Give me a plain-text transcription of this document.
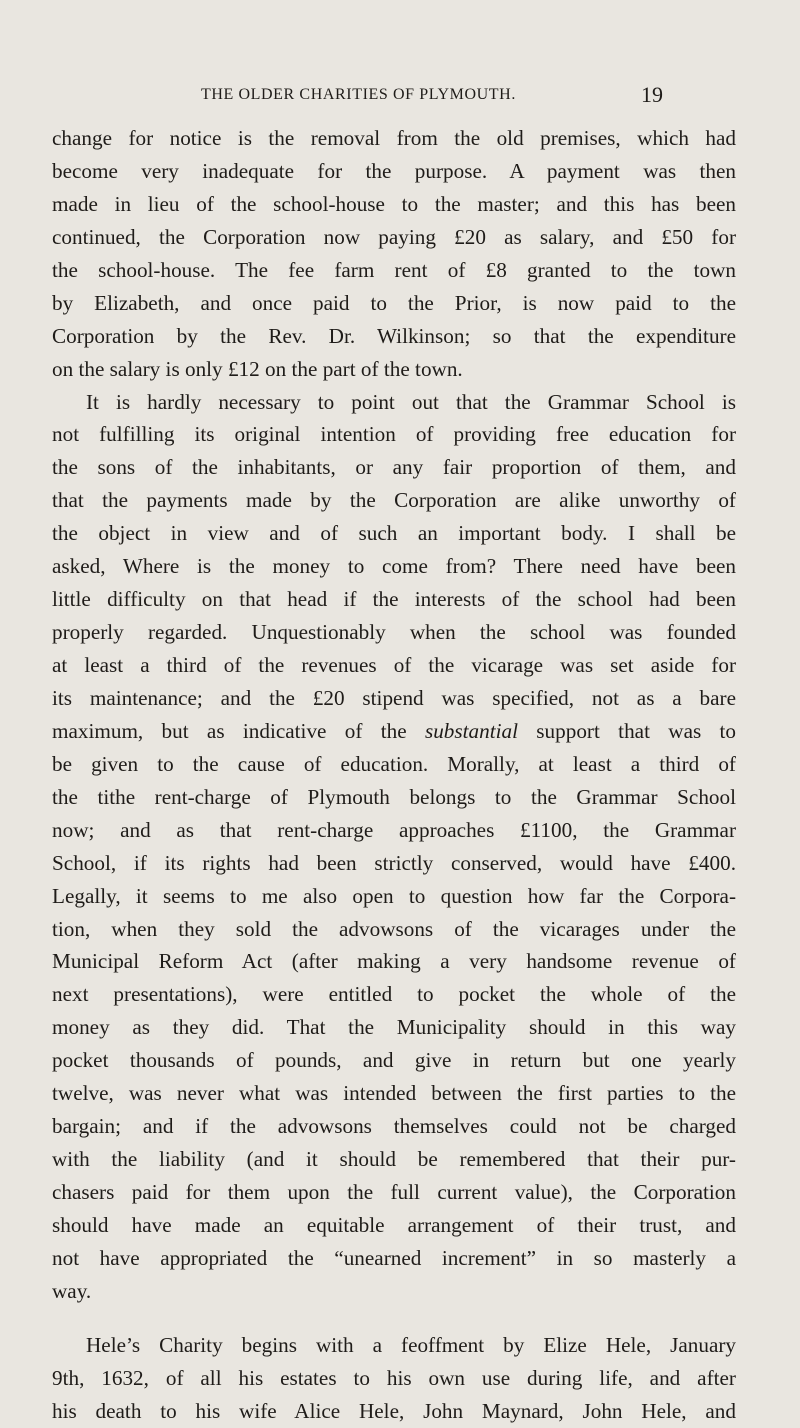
THE OLDER CHARITIES OF PLYMOUTH.	19
change for notice is the removal from the old premises, which had
become very inadequate for the purpose. A payment was then
made in lieu of the school-house to the master; and this has been
continued, the Corporation now paying £20 as salary, and £50 for
the school-house. The fee farm rent of £8 granted to the town
by Elizabeth, and once paid to the Prior, is now paid to the
Corporation by the Rev. Dr. Wilkinson; so that the expenditure
on the salary is only £12 on the part of the town.
It is hardly necessary to point out that the Grammar School is
not fulfilling its original intention of providing free education for
the sons of the inhabitants, or any fair proportion of them, and
that the payments made by the Corporation are alike unworthy of
the object in view and of such an important body. I shall be
asked, Where is the money to come from? There need have been
little difficulty on that head if the interests of the school had been
properly regarded. Unquestionably when the school was founded
at least a third of the revenues of the vicarage was set aside for
its maintenance; and the £20 stipend was specified, not as a bare
maximum, but as indicative of the substantial support that was to
be given to the cause of education. Morally, at least a third of
the tithe rent-charge of Plymouth belongs to the Grammar School
now; and as that rent-charge approaches £1100, the Grammar
School, if its rights had been strictly conserved, would have £400.
Legally, it seems to me also open to question how far the Corpora-
tion, when they sold the advowsons of the vicarages under the
Municipal Reform Act (after making a very handsome revenue of
next presentations), were entitled to pocket the whole of the
money as they did. That the Municipality should in this way
pocket thousands of pounds, and give in return but one yearly
twelve, was never what was intended between the first parties to the
bargain; and if the advowsons themselves could not be charged
with the liability (and it should be remembered that their pur-
chasers paid for them upon the full current value), the Corporation
should have made an equitable arrangement of their trust, and
not have appropriated the “unearned increment” in so masterly a
way.
Hele’s Charity begins with a feoffment by Elize Hele, January
9th, 1632, of all his estates to his own use during life, and after
his death to his wife Alice Hele, John Maynard, John Hele, and
